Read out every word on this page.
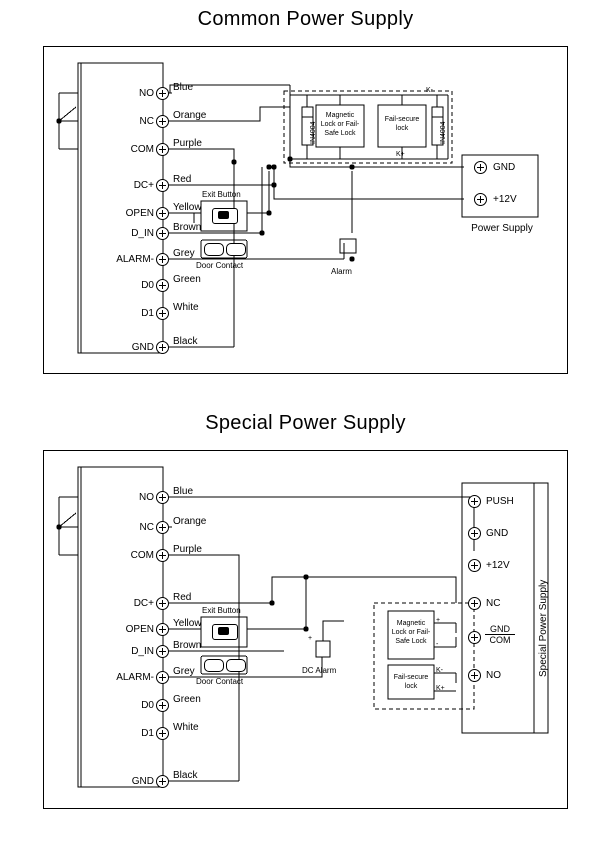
Common Power Supply
NO
NC
COM
DC+
OPEN
D_IN
ALARM-
D0
D1
GND
Blue
Orange
Purple
Red
Yellow
Brown
Grey
Green
White
Black
Magnetic Lock or Fail-Safe Lock
Fail-secure lock
IN4004	IN4004
K+
K-
Exit Button
Door Contact
Alarm
GND
+12V
Power Supply
Special Power Supply
NO
NC
COM
DC+
OPEN
D_IN
ALARM-
D0
D1
GND
Blue
Orange
Purple
Red
Yellow
Brown
Grey
Green
White
Black
Exit Button
Door Contact
+
DC Alarm
Magnetic Lock or Fail-Safe Lock
+
-
Fail-secure lock
K-
K+
PUSH
GND
+12V
NC
GND
COM
NO	Special Power Supply
